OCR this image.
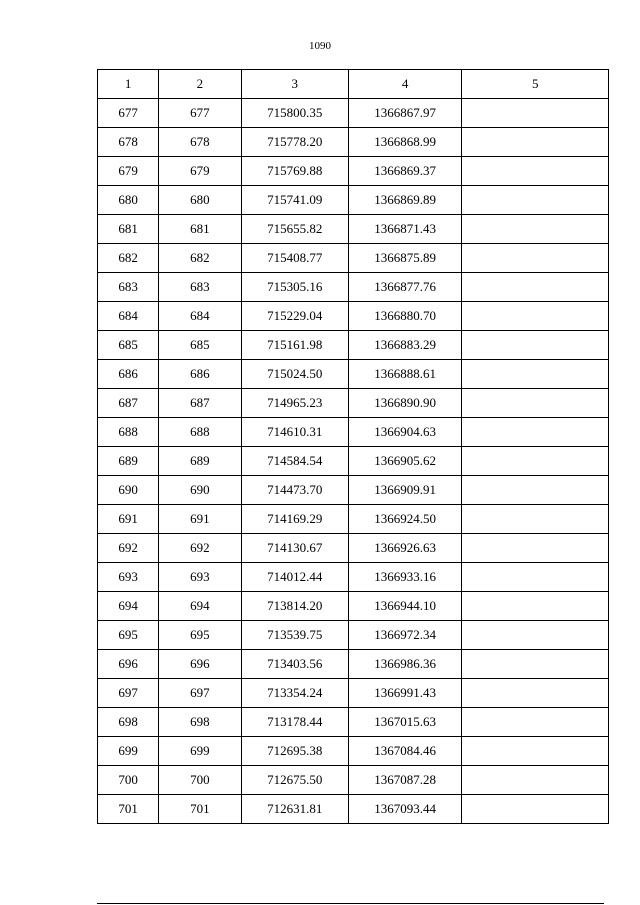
1090
1	2	3	4	5
677	677	715800.35	1366867.97	
678	678	715778.20	1366868.99	
679	679	715769.88	1366869.37	
680	680	715741.09	1366869.89	
681	681	715655.82	1366871.43	
682	682	715408.77	1366875.89	
683	683	715305.16	1366877.76	
684	684	715229.04	1366880.70	
685	685	715161.98	1366883.29	
686	686	715024.50	1366888.61	
687	687	714965.23	1366890.90	
688	688	714610.31	1366904.63	
689	689	714584.54	1366905.62	
690	690	714473.70	1366909.91	
691	691	714169.29	1366924.50	
692	692	714130.67	1366926.63	
693	693	714012.44	1366933.16	
694	694	713814.20	1366944.10	
695	695	713539.75	1366972.34	
696	696	713403.56	1366986.36	
697	697	713354.24	1366991.43	
698	698	713178.44	1367015.63	
699	699	712695.38	1367084.46	
700	700	712675.50	1367087.28	
701	701	712631.81	1367093.44	
